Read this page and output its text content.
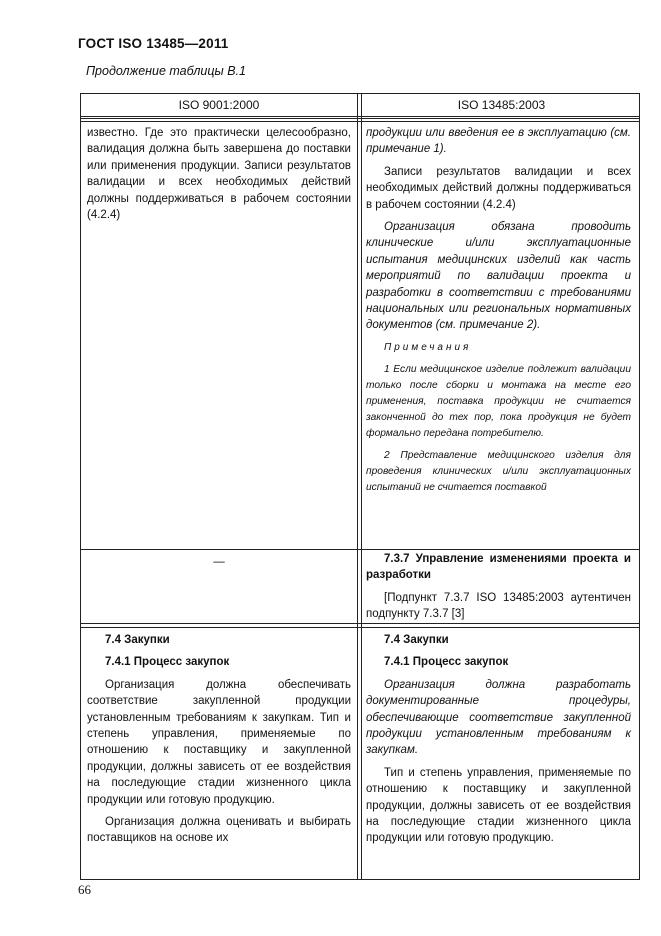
ГОСТ ISO 13485—2011
Продолжение таблицы В.1
ISO 9001:2000	ISO 13485:2003

известно. Где это практически целесообразно, валидация должна быть завершена до поставки или применения продукции. Записи результатов валидации и всех необходимых действий должны поддерживаться в рабочем состоянии (4.2.4)

продукции или введения ее в эксплуатацию (см. примечание 1).

Записи результатов валидации и всех необходимых действий должны поддерживаться в рабочем состоянии (4.2.4)

Организация обязана проводить клинические и/или эксплуатационные испытания медицинских изделий как часть мероприятий по валидации проекта и разработки в соответствии с требованиями национальных или региональных нормативных документов (см. примечание 2).

Примечания

1 Если медицинское изделие подлежит валидации только после сборки и монтажа на месте его применения, поставка продукции не считается законченной до тех пор, пока продукция не будет формально передана потребителю.

2 Представление медицинского изделия для проведения клинических и/или эксплуатационных испытаний не считается поставкой

—	7.3.7 Управление изменениями проекта и разработки

[Подпункт 7.3.7 ISO 13485:2003 аутентичен подпункту 7.3.7 [3]

7.4 Закупки

7.4.1 Процесс закупок

Организация должна обеспечивать соответствие закупленной продукции установленным требованиям к закупкам. Тип и степень управления, применяемые по отношению к поставщику и закупленной продукции, должны зависеть от ее воздействия на последующие стадии жизненного цикла продукции или готовую продукцию.

Организация должна оценивать и выбирать поставщиков на основе их

7.4 Закупки

7.4.1 Процесс закупок

Организация должна разработать документированные процедуры, обеспечивающие соответствие закупленной продукции установленным требованиям к закупкам.

Тип и степень управления, применяемые по отношению к поставщику и закупленной продукции, должны зависеть от ее воздействия на последующие стадии жизненного цикла продукции или готовую продукцию.

66
